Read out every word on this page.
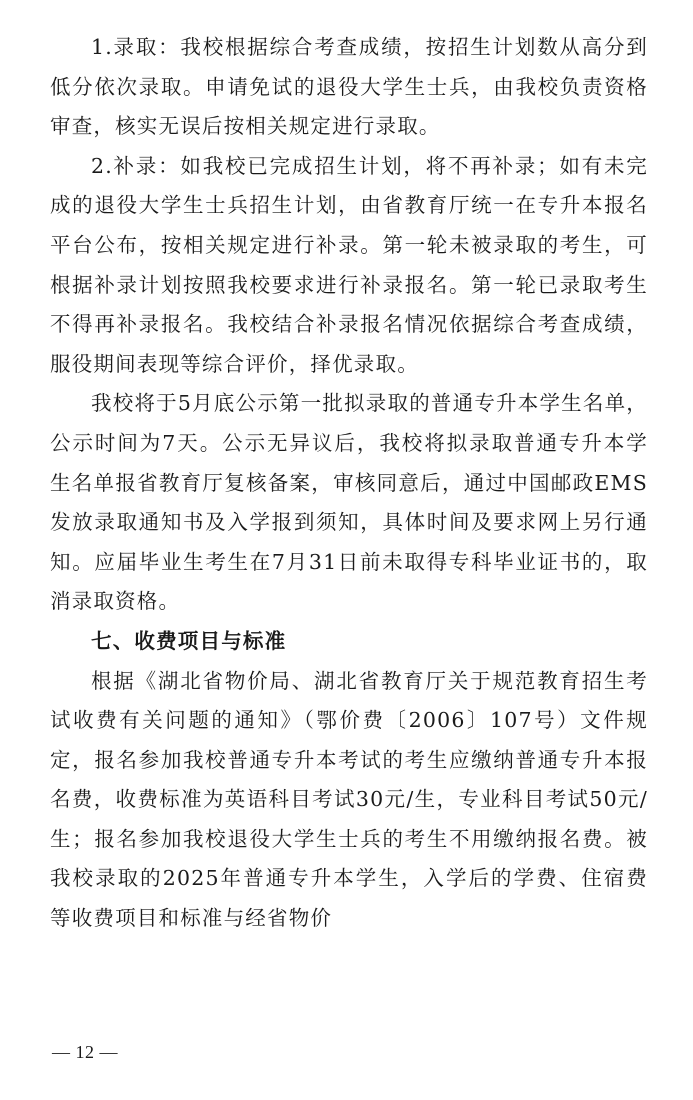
1.录取：我校根据综合考查成绩，按招生计划数从高分到低分依次录取。申请免试的退役大学生士兵，由我校负责资格审查，核实无误后按相关规定进行录取。

2.补录：如我校已完成招生计划，将不再补录；如有未完成的退役大学生士兵招生计划，由省教育厅统一在专升本报名平台公布，按相关规定进行补录。第一轮未被录取的考生，可根据补录计划按照我校要求进行补录报名。第一轮已录取考生不得再补录报名。我校结合补录报名情况依据综合考查成绩，服役期间表现等综合评价，择优录取。

我校将于5月底公示第一批拟录取的普通专升本学生名单，公示时间为7天。公示无异议后，我校将拟录取普通专升本学生名单报省教育厅复核备案，审核同意后，通过中国邮政EMS发放录取通知书及入学报到须知，具体时间及要求网上另行通知。应届毕业生考生在7月31日前未取得专科毕业证书的，取消录取资格。

七、收费项目与标准

根据《湖北省物价局、湖北省教育厅关于规范教育招生考试收费有关问题的通知》（鄂价费〔2006〕107号）文件规定，报名参加我校普通专升本考试的考生应缴纳普通专升本报名费，收费标准为英语科目考试30元/生，专业科目考试50元/生；报名参加我校退役大学生士兵的考生不用缴纳报名费。被我校录取的2025年普通专升本学生，入学后的学费、住宿费等收费项目和标准与经省物价

— 12 —
